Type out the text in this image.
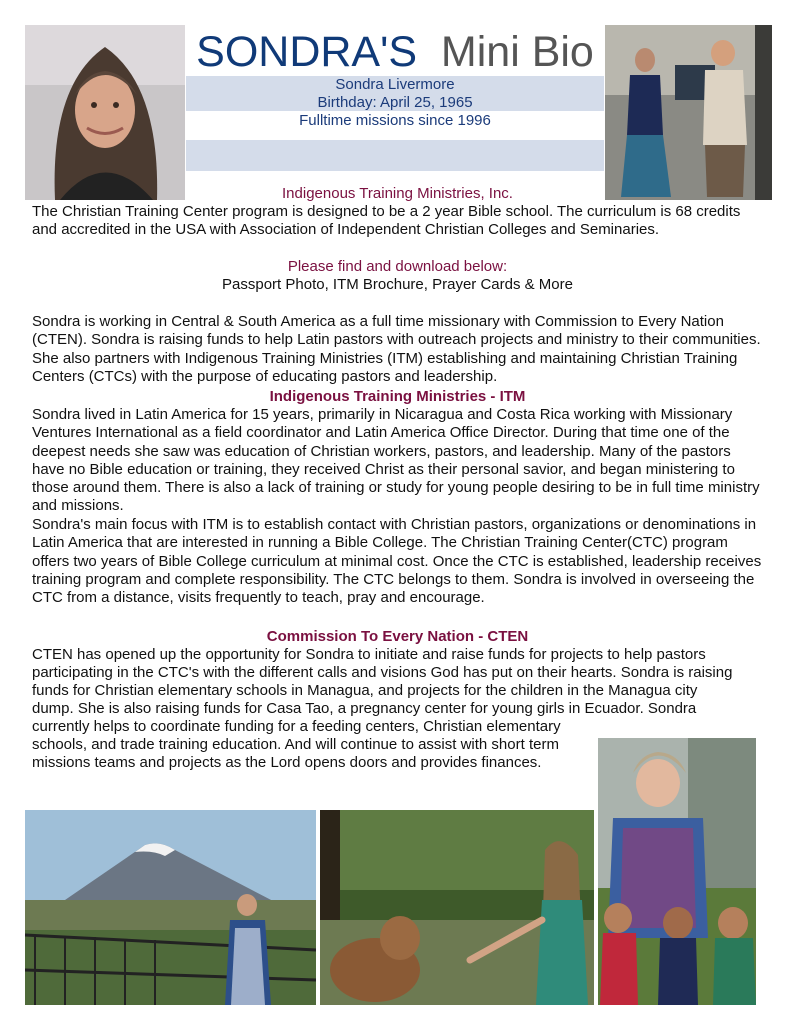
SONDRA'S Mini Bio
Sondra Livermore
Birthday: April 25, 1965
Fulltime missions since 1996
Indigenous Training Ministries, Inc.

The Christian Training Center program is designed to be a 2 year Bible school. The curriculum is 68 credits and accredited in the USA with Association of Independent Christian Colleges and Seminaries.

Please find and download below:
Passport Photo, ITM Brochure, Prayer Cards & More

Sondra is working in Central & South America as a full time missionary with Commission to Every Nation (CTEN). Sondra is raising funds to help Latin pastors with outreach projects and ministry to their communities. She also partners with Indigenous Training Ministries (ITM) establishing and maintaining Christian Training Centers (CTCs) with the purpose of educating pastors and leadership.

Indigenous Training Ministries - ITM

Sondra lived in Latin America for 15 years, primarily in Nicaragua and Costa Rica working with Missionary Ventures International as a field coordinator and Latin America Office Director. During that time one of the deepest needs she saw was education of Christian workers, pastors, and leadership. Many of the pastors have no Bible education or training, they received Christ as their personal savior, and began ministering to those around them. There is also a lack of training or study for young people desiring to be in full time ministry and missions.

Sondra's main focus with ITM is to establish contact with Christian pastors, organizations or denominations in Latin America that are interested in running a Bible College. The Christian Training Center(CTC) program offers two years of Bible College curriculum at minimal cost. Once the CTC is established, leadership receives training program and complete responsibility. The CTC belongs to them. Sondra is involved in overseeing the CTC from a distance, visits frequently to teach, pray and encourage.

Commission To Every Nation - CTEN
CTEN has opened up the opportunity for Sondra to initiate and raise funds for projects to help pastors
participating in the CTC's with the different calls and visions God has put on their hearts. Sondra is raising
funds for Christian elementary schools in Managua, and projects for the children in the Managua city
dump. She is also raising funds for Casa Tao, a pregnancy center for young girls in Ecuador. Sondra
currently helps to coordinate funding for a feeding centers, Christian elementary
schools, and trade training education. And will continue to assist with short term
missions teams and projects as the Lord opens doors and provides finances.
